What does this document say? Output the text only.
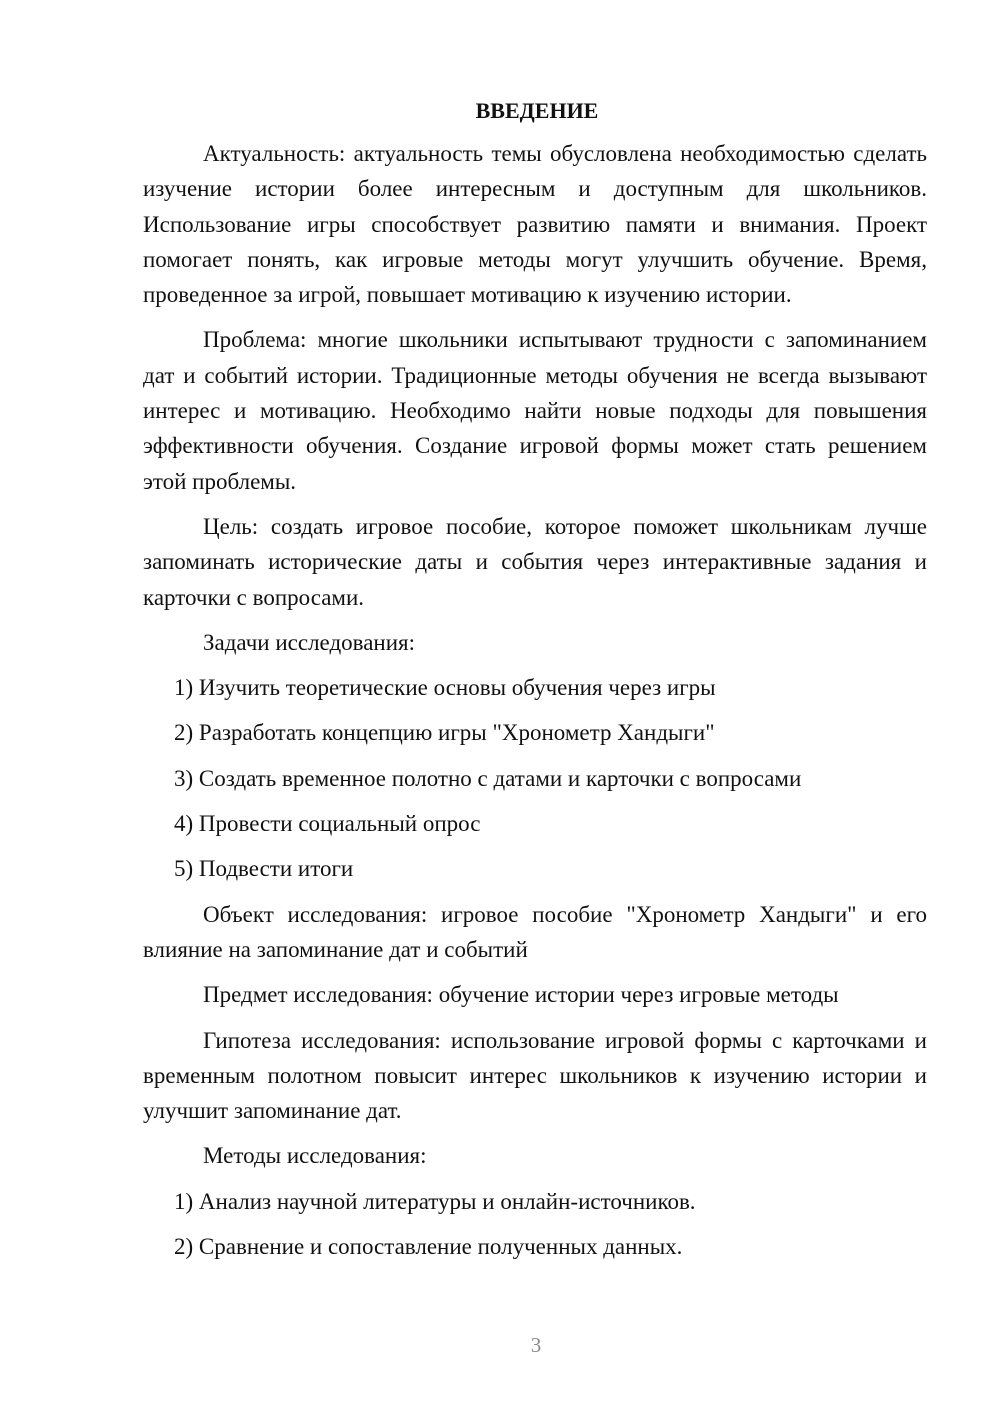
ВВЕДЕНИЕ

Актуальность: актуальность темы обусловлена необходимостью сделать изучение истории более интересным и доступным для школьников. Использование игры способствует развитию памяти и внимания. Проект помогает понять, как игровые методы могут улучшить обучение. Время, проведенное за игрой, повышает мотивацию к изучению истории.

Проблема: многие школьники испытывают трудности с запоминанием дат и событий истории. Традиционные методы обучения не всегда вызывают интерес и мотивацию. Необходимо найти новые подходы для повышения эффективности обучения. Создание игровой формы может стать решением этой проблемы.

Цель: создать игровое пособие, которое поможет школьникам лучше запоминать исторические даты и события через интерактивные задания и карточки с вопросами.

Задачи исследования:

1) Изучить теоретические основы обучения через игры

2) Разработать концепцию игры "Хронометр Хандыги"

3) Создать временное полотно с датами и карточки с вопросами

4) Провести социальный опрос

5) Подвести итоги

Объект исследования: игровое пособие "Хронометр Хандыги" и его влияние на запоминание дат и событий

Предмет исследования: обучение истории через игровые методы

Гипотеза исследования: использование игровой формы с карточками и временным полотном повысит интерес школьников к изучению истории и улучшит запоминание дат.

Методы исследования:

1) Анализ научной литературы и онлайн-источников.

2) Сравнение и сопоставление полученных данных.

3
